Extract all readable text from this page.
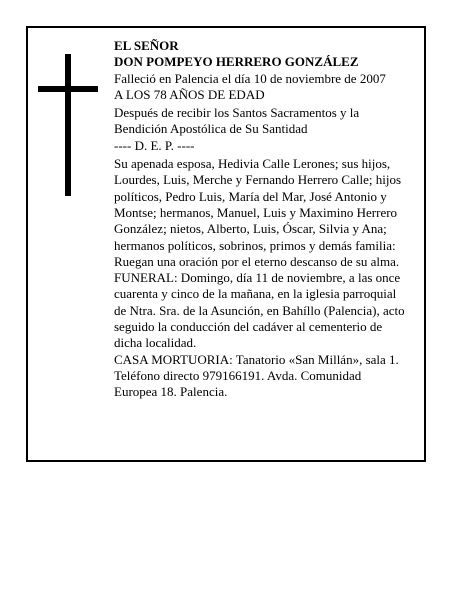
EL SEÑOR
DON POMPEYO HERRERO GONZÁLEZ
Falleció en Palencia el día 10 de noviembre de 2007
A LOS 78 AÑOS DE EDAD
Después de recibir los Santos Sacramentos y la
Bendición Apostólica de Su Santidad
---- D. E. P. ----
Su apenada esposa, Hedivia Calle Lerones; sus hijos,
Lourdes, Luis, Merche y Fernando Herrero Calle; hijos
políticos, Pedro Luis, María del Mar, José Antonio y
Montse; hermanos, Manuel, Luis y Maximino Herrero
González; nietos, Alberto, Luis, Óscar, Silvia y Ana;
hermanos políticos, sobrinos, primos y demás familia:
Ruegan una oración por el eterno descanso de su alma.
FUNERAL: Domingo, día 11 de noviembre, a las once
cuarenta y cinco de la mañana, en la iglesia parroquial
de Ntra. Sra. de la Asunción, en Bahíllo (Palencia), acto
seguido la conducción del cadáver al cementerio de
dicha localidad.
CASA MORTUORIA: Tanatorio «San Millán», sala 1.
Teléfono directo 979166191. Avda. Comunidad
Europea 18. Palencia.
